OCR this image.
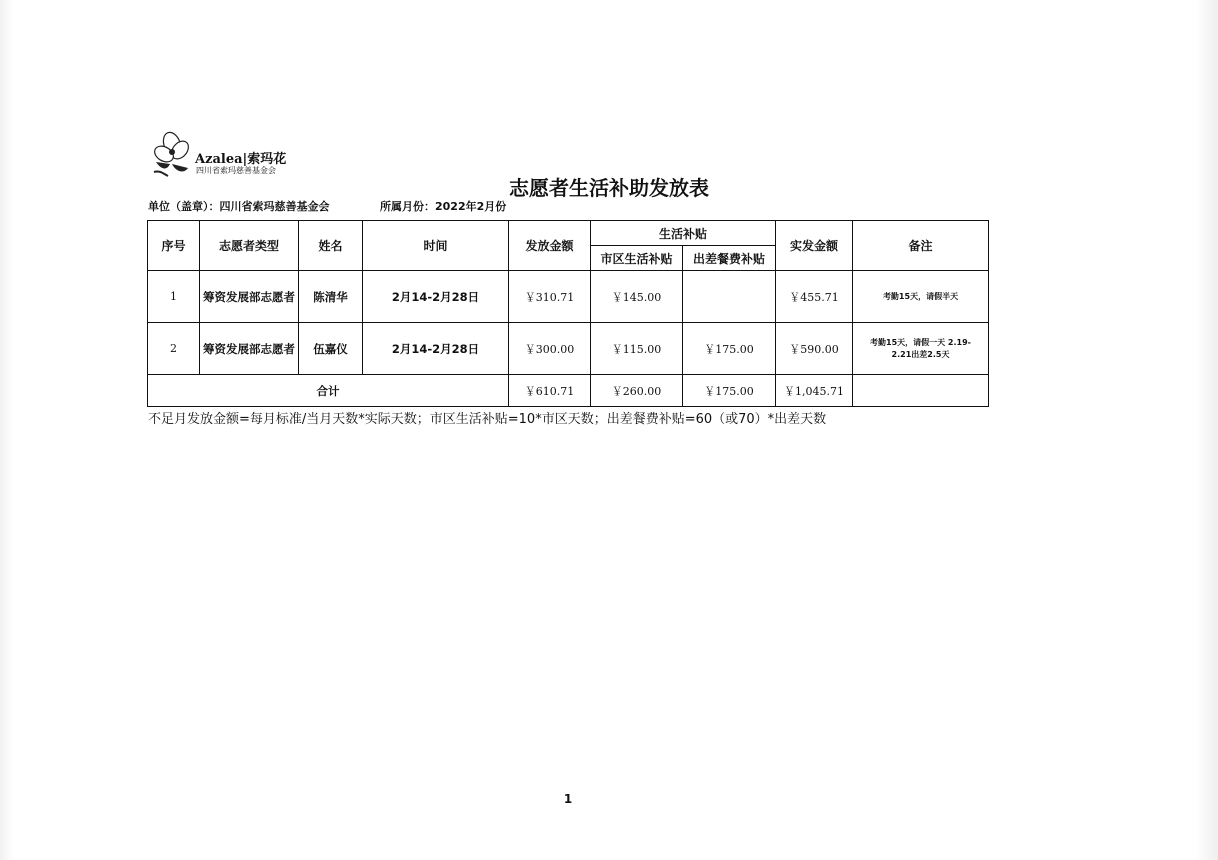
Azalea|索玛花
四川省索玛慈善基金会
志愿者生活补助发放表
单位（盖章）：四川省索玛慈善基金会	所属月份：2022年2月份
序号	志愿者类型	姓名	时间	发放金额	生活补贴		实发金额	备注
					市区生活补贴	出差餐费补贴		
1	筹资发展部志愿者	陈清华	2月14-2月28日	￥310.71	￥145.00		￥455.71	考勤15天，请假半天

2	筹资发展部志愿者	伍嘉仪	2月14-2月28日	￥300.00	￥115.00	￥175.00	￥590.00	考勤15天，请假一天 2.19-
2.21出差2.5天
合计				￥610.71	￥260.00	￥175.00	￥1,045.71	
不足月发放金额=每月标准/当月天数*实际天数；市区生活补贴=10*市区天数；出差餐费补贴=60（或70）*出差天数
1
